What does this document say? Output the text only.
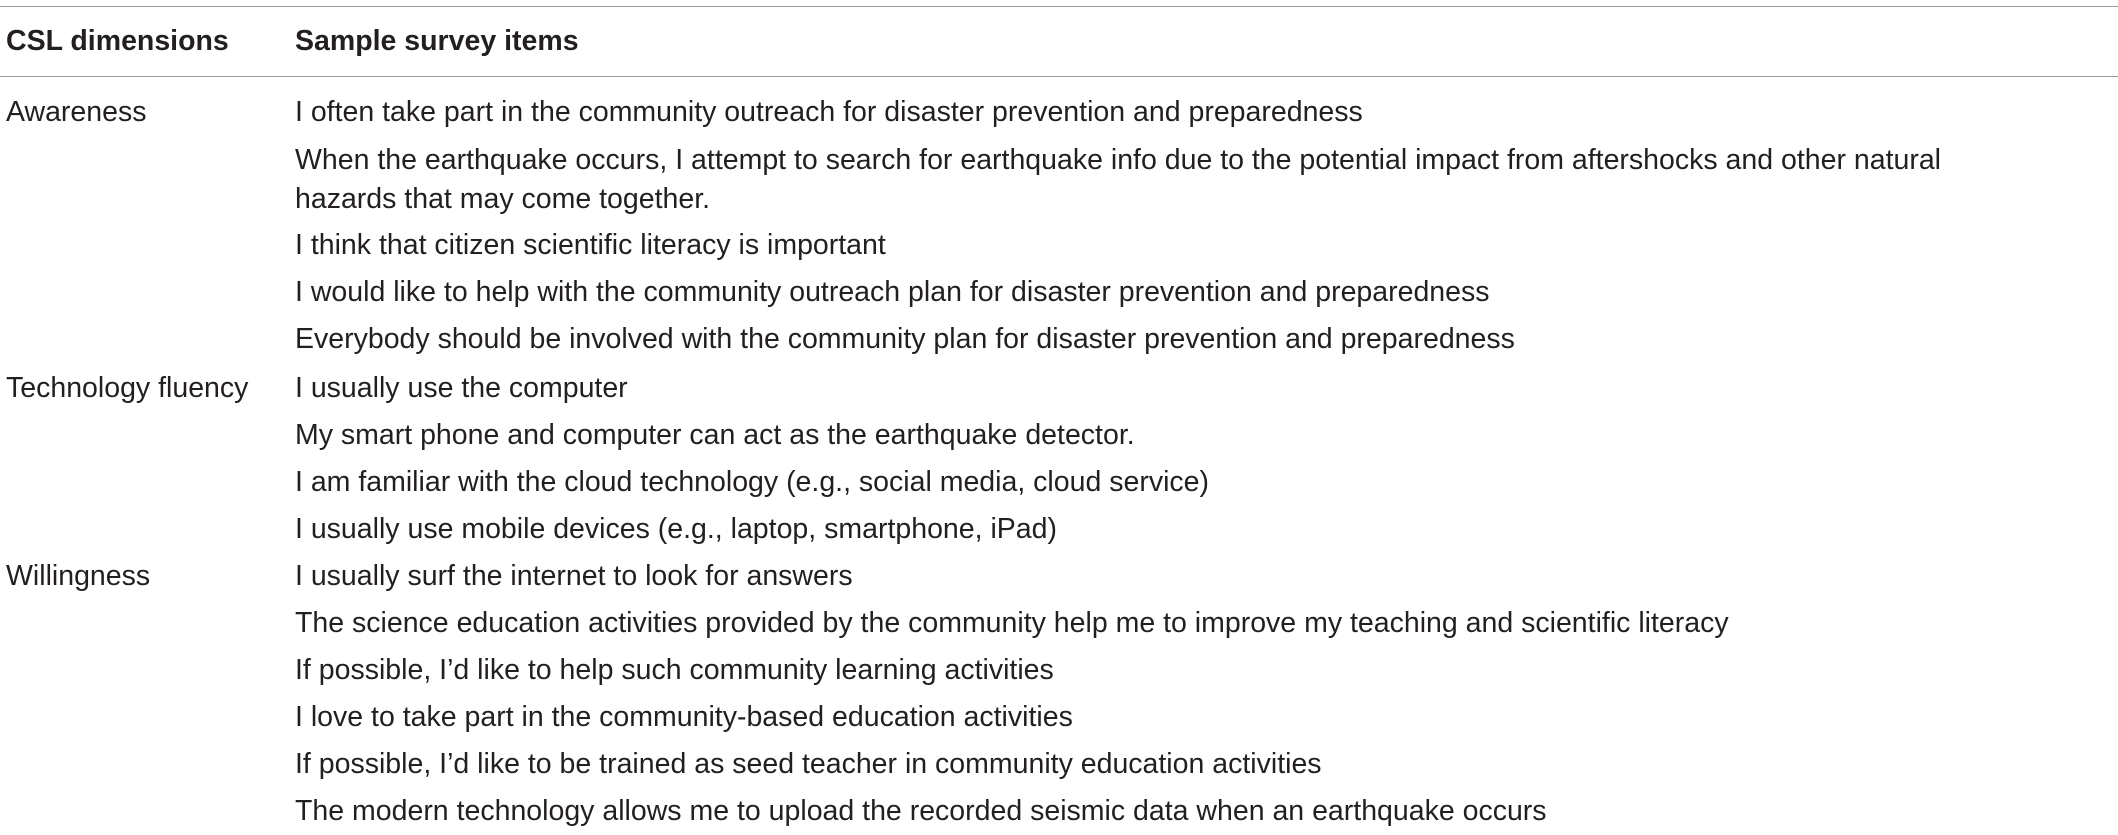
CSL dimensions Sample survey items
Awareness	I often take part in the community outreach for disaster prevention and preparedness
When the earthquake occurs, I attempt to search for earthquake info due to the potential impact from aftershocks and other natural hazards that may come together.
I think that citizen scientific literacy is important
I would like to help with the community outreach plan for disaster prevention and preparedness
Everybody should be involved with the community plan for disaster prevention and preparedness
Technology fluency I usually use the computer
My smart phone and computer can act as the earthquake detector.
I am familiar with the cloud technology (e.g., social media, cloud service)
I usually use mobile devices (e.g., laptop, smartphone, iPad)
Willingness	I usually surf the internet to look for answers
The science education activities provided by the community help me to improve my teaching and scientific literacy
If possible, I’d like to help such community learning activities
I love to take part in the community-based education activities
If possible, I’d like to be trained as seed teacher in community education activities
The modern technology allows me to upload the recorded seismic data when an earthquake occurs
